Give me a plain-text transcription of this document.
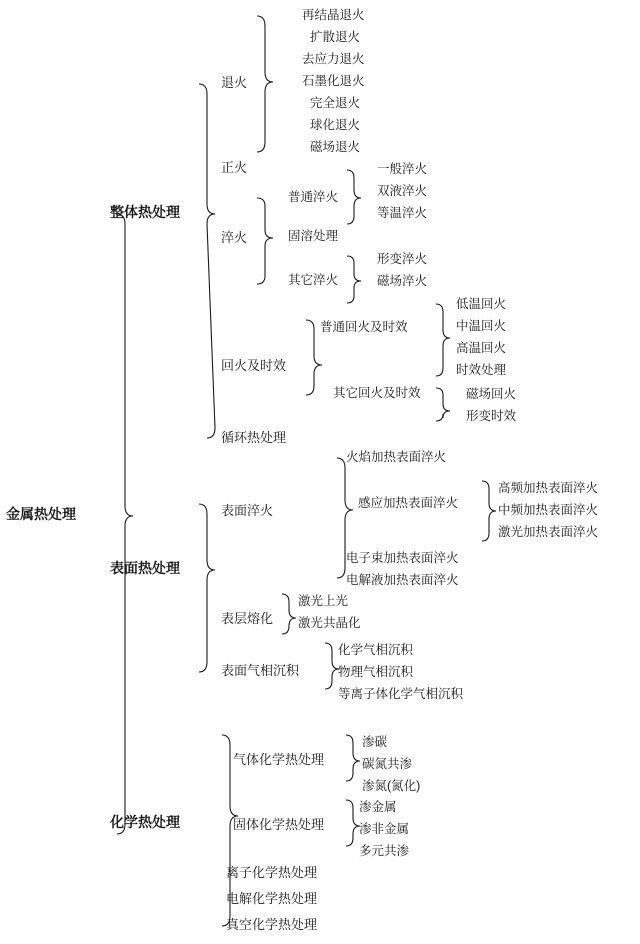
金属热处理
整体热处理
退火
再结晶退火
扩散退火
去应力退火
石墨化退火
完全退火
球化退火
磁场退火
正火
淬火
普通淬火
一般淬火
双液淬火
等温淬火
固溶处理
其它淬火
形变淬火
磁场淬火
回火及时效
普通回火及时效
低温回火
中温回火
高温回火
时效处理
其它回火及时效	磁场回火
形变时效
循环热处理
表面热处理
表面淬火
火焰加热表面淬火
感应加热表面淬火
高频加热表面淬火
中频加热表面淬火
激光加热表面淬火
电子束加热表面淬火
电解液加热表面淬火
表层熔化
激光上光
激光共晶化
表面气相沉积
化学气相沉积
物理气相沉积
等离子体化学气相沉积
化学热处理
气体化学热处理
渗碳
碳氮共渗
渗氮(氮化)
固体化学热处理
渗金属
渗非金属
多元共渗
离子化学热处理
电解化学热处理
真空化学热处理
